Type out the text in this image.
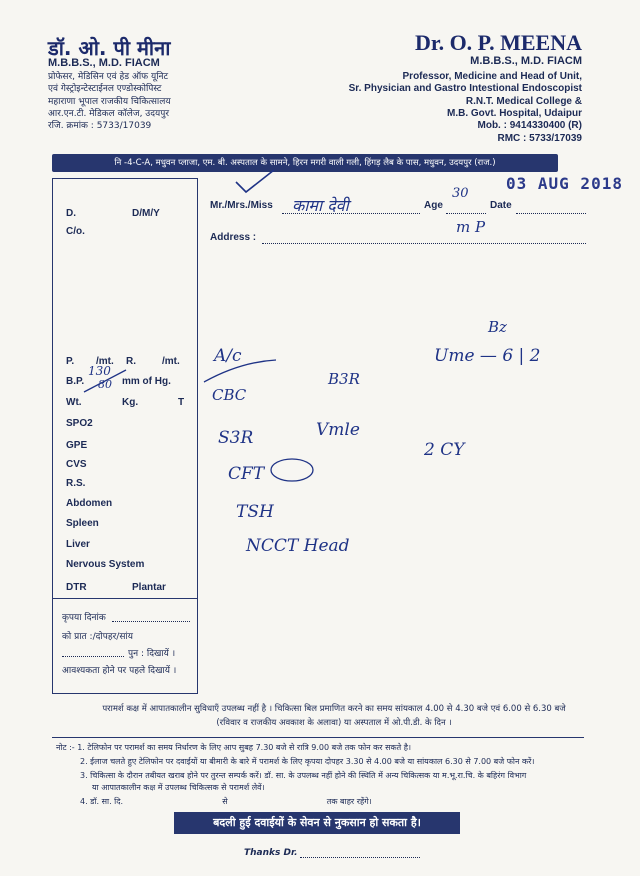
डॉ. ओ. पी मीना
M.B.B.S., M.D. FIACM
प्रोफेसर, मेडिसिन एवं हेड ऑफ यूनिट
एवं गेस्ट्रोइन्टेस्टाईनल एण्डोस्कोपिस्ट
महाराणा भूपाल राजकीय चिकित्सालय
आर.एन.टी. मेडिकल कॉलेज, उदयपुर
रजि. क्रमांक : 5733/17039
Dr. O. P. MEENA
M.B.B.S., M.D. FIACM
Professor, Medicine and Head of Unit,
Sr. Physician and Gastro Intestional Endoscopist
R.N.T. Medical College &
M.B. Govt. Hospital, Udaipur
Mob. : 9414330400 (R)
RMC : 5733/17039
नि -4-C-A, मधुवन प्लाजा, एम. बी. अस्पताल के सामने, हिरन मगरी वाली गली, हिंगड़ लैब के पास, मधुवन, उदयपुर (राज.)
D.	D/M/Y
C/o.
P. /mt. R.	/mt.
B.P.	mm of Hg.
130
80
Wt.	Kg.	T
SPO2
GPE
CVS
R.S.
Abdomen
Spleen
Liver
Nervous System
DTR	Plantar
कृपया दिनांक
को प्रात :/दोपहर/सांय
पुन : दिखायें ।
आवश्यकता होने पर पहले दिखायें ।
Mr./Mrs./Miss कामा देवी	Age
30
Date
03 AUG 2018
m P
Address :
A/c
CBC
B3R
S3R	Vmle
2 CY
CFT
TSH
NCCT Head
Ume — 6 | 2
Bz
परामर्श कक्ष में आपातकालीन सुविधाएँ उपलब्ध नहीं है । चिकित्सा बिल प्रमाणित करने का समय सांयकाल 4.00 से 4.30 बजे एवं 6.00 से 6.30 बजे
(रविवार व राजकीय अवकाश के अलावा) या अस्पताल में ओ.पी.डी. के दिन ।
नोट :- 1. टेलिफोन पर परामर्श का समय निर्धारण के लिए आप सुबह 7.30 बजे से रात्रि 9.00 बजे तक फोन कर सकते है।
2. ईलाज चलते हुए टेलिफोन पर दवाईयों या बीमारी के बारे में परामर्श के लिए कृपया दोपहर 3.30 से 4.00 बजे या सांयकाल 6.30 से 7.00 बजे फोन करें।
3. चिकित्सा के दौरान तबीयत खराब होने पर तुरन्त सम्पर्क करें। डॉ. सा. के उपलब्ध नहीं होने की स्थिति में अन्य चिकित्सक या म.भू.रा.चि. के बहिरंग विभाग
या आपातकालीन कक्ष में उपलब्ध चिकित्सक से परामर्श लेवें।
4. डॉ. सा. दि.                                       से                                       तक बाहर रहेंगे।
बदली हुई दवाईयों के सेवन से नुकसान हो सकता है।
Thanks Dr.
